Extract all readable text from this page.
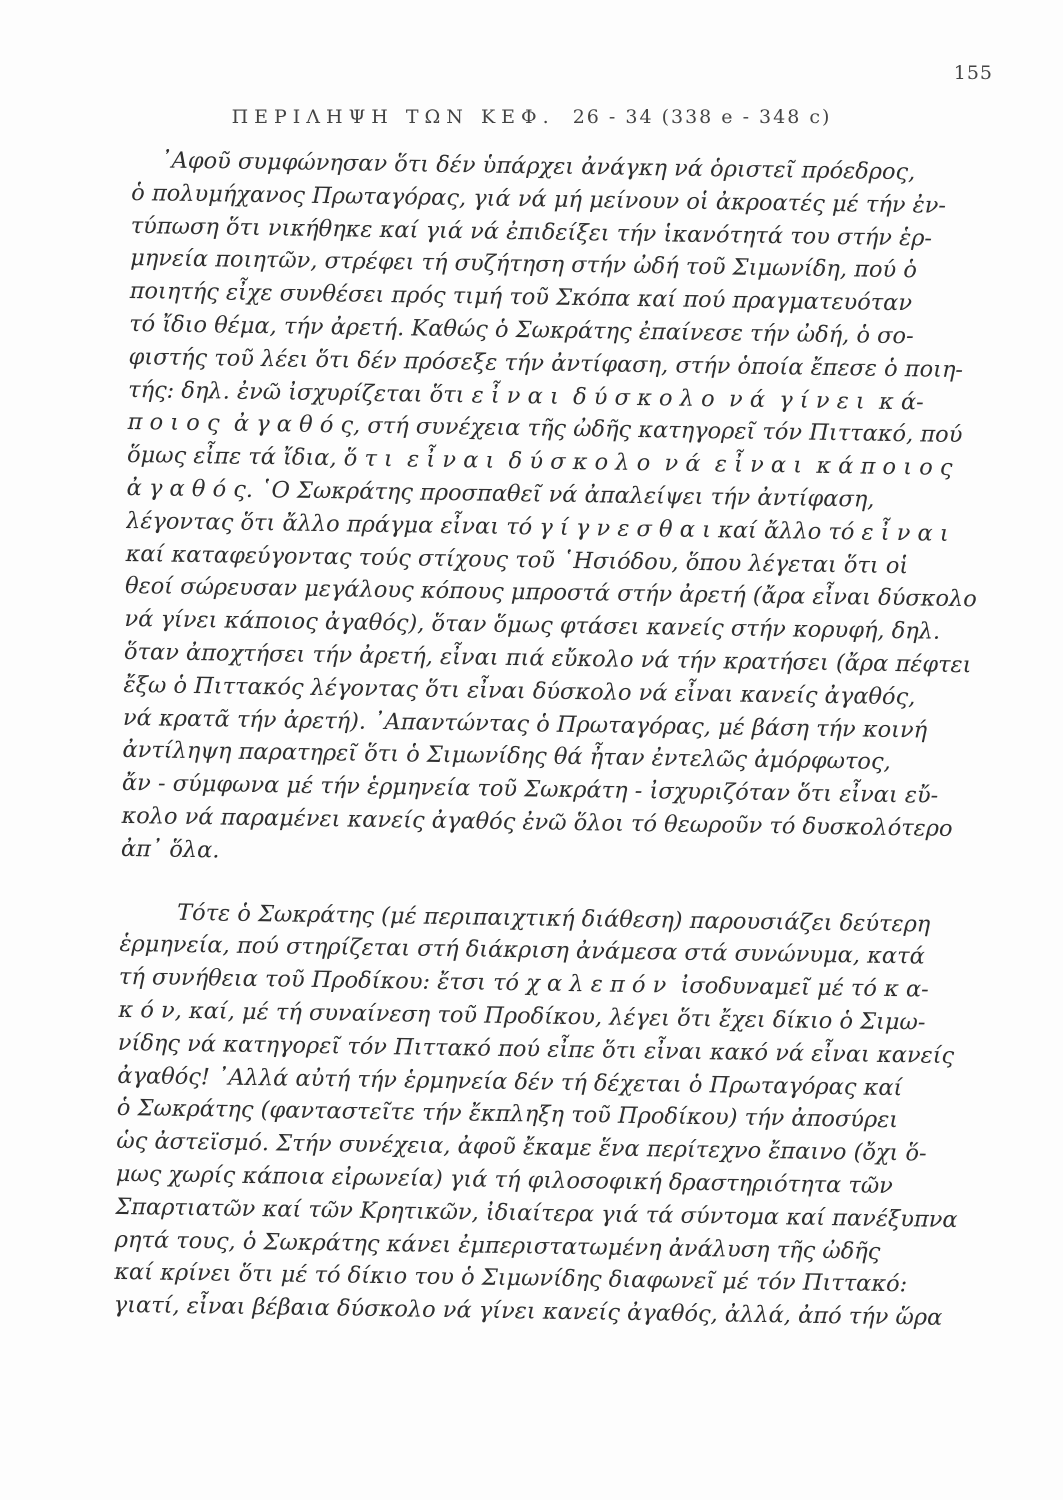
155
ΠΕΡΙΛΗΨΗ ΤΩΝ ΚΕΦ. 26 - 34 (338 e - 348 c)
᾿Αφοῦ συμφώνησαν ὅτι δέν ὑπάρχει ἀνάγκη νά ὁριστεῖ πρόεδρος,
ὁ πολυμήχανος Πρωταγόρας, γιά νά μή μείνουν οἱ ἀκροατές μέ τήν ἐν-
τύπωση ὅτι νικήθηκε καί γιά νά ἐπιδείξει τήν ἱκανότητά του στήν ἑρ-
μηνεία ποιητῶν, στρέφει τή συζήτηση στήν ὠδή τοῦ Σιμωνίδη, πού ὁ
ποιητής εἶχε συνθέσει πρός τιμή τοῦ Σκόπα καί πού πραγματευόταν
τό ἴδιο θέμα, τήν ἀρετή. Καθώς ὁ Σωκράτης ἐπαίνεσε τήν ὠδή, ὁ σο-
φιστής τοῦ λέει ὅτι δέν πρόσεξε τήν ἀντίφαση, στήν ὁποία ἔπεσε ὁ ποιη-
τής: δηλ. ἐνῶ ἰσχυρίζεται ὅτι ε ἶ ν α ι  δ ύ σ κ ο λ ο  ν ά  γ ί ν ε ι  κ ά-
π ο ι ο ς  ἀ γ α θ ό ς, στή συνέχεια τῆς ὠδῆς κατηγορεῖ τόν Πιττακό, πού
ὅμως εἶπε τά ἴδια, ὅ τ ι  ε ἶ ν α ι  δ ύ σ κ ο λ ο  ν ά  ε ἶ ν α ι  κ ά π ο ι ο ς
ἀ γ α θ ό ς. ῾Ο Σωκράτης προσπαθεῖ νά ἀπαλείψει τήν ἀντίφαση,
λέγοντας ὅτι ἄλλο πράγμα εἶναι τό γ ί γ ν ε σ θ α ι καί ἄλλο τό ε ἶ ν α ι
καί καταφεύγοντας τούς στίχους τοῦ ῾Ησιόδου, ὅπου λέγεται ὅτι οἱ
θεοί σώρευσαν μεγάλους κόπους μπροστά στήν ἀρετή (ἄρα εἶναι δύσκολο
νά γίνει κάποιος ἀγαθός), ὅταν ὅμως φτάσει κανείς στήν κορυφή, δηλ.
ὅταν ἀποχτήσει τήν ἀρετή, εἶναι πιά εὔκολο νά τήν κρατήσει (ἄρα πέφτει
ἔξω ὁ Πιττακός λέγοντας ὅτι εἶναι δύσκολο νά εἶναι κανείς ἀγαθός,
νά κρατᾶ τήν ἀρετή). ᾿Απαντώντας ὁ Πρωταγόρας, μέ βάση τήν κοινή
ἀντίληψη παρατηρεῖ ὅτι ὁ Σιμωνίδης θά ἦταν ἐντελῶς ἀμόρφωτος,
ἄν - σύμφωνα μέ τήν ἑρμηνεία τοῦ Σωκράτη - ἰσχυριζόταν ὅτι εἶναι εὔ-
κολο νά παραμένει κανείς ἀγαθός ἐνῶ ὅλοι τό θεωροῦν τό δυσκολότερο
ἀπ᾿ ὅλα.
Τότε ὁ Σωκράτης (μέ περιπαιχτική διάθεση) παρουσιάζει δεύτερη
ἑρμηνεία, πού στηρίζεται στή διάκριση ἀνάμεσα στά συνώνυμα, κατά
τή συνήθεια τοῦ Προδίκου: ἔτσι τό χ α λ ε π ό ν  ἰσοδυναμεῖ μέ τό κ α-
κ ό ν, καί, μέ τή συναίνεση τοῦ Προδίκου, λέγει ὅτι ἔχει δίκιο ὁ Σιμω-
νίδης νά κατηγορεῖ τόν Πιττακό πού εἶπε ὅτι εἶναι κακό νά εἶναι κανείς
ἀγαθός! ᾿Αλλά αὐτή τήν ἑρμηνεία δέν τή δέχεται ὁ Πρωταγόρας καί
ὁ Σωκράτης (φανταστεῖτε τήν ἔκπληξη τοῦ Προδίκου) τήν ἀποσύρει
ὡς ἀστεϊσμό. Στήν συνέχεια, ἀφοῦ ἔκαμε ἕνα περίτεχνο ἔπαινο (ὄχι ὅ-
μως χωρίς κάποια εἰρωνεία) γιά τή φιλοσοφική δραστηριότητα τῶν
Σπαρτιατῶν καί τῶν Κρητικῶν, ἰδιαίτερα γιά τά σύντομα καί πανέξυπνα
ρητά τους, ὁ Σωκράτης κάνει ἐμπεριστατωμένη ἀνάλυση τῆς ὠδῆς
καί κρίνει ὅτι μέ τό δίκιο του ὁ Σιμωνίδης διαφωνεῖ μέ τόν Πιττακό:
γιατί, εἶναι βέβαια δύσκολο νά γίνει κανείς ἀγαθός, ἀλλά, ἀπό τήν ὥρα
